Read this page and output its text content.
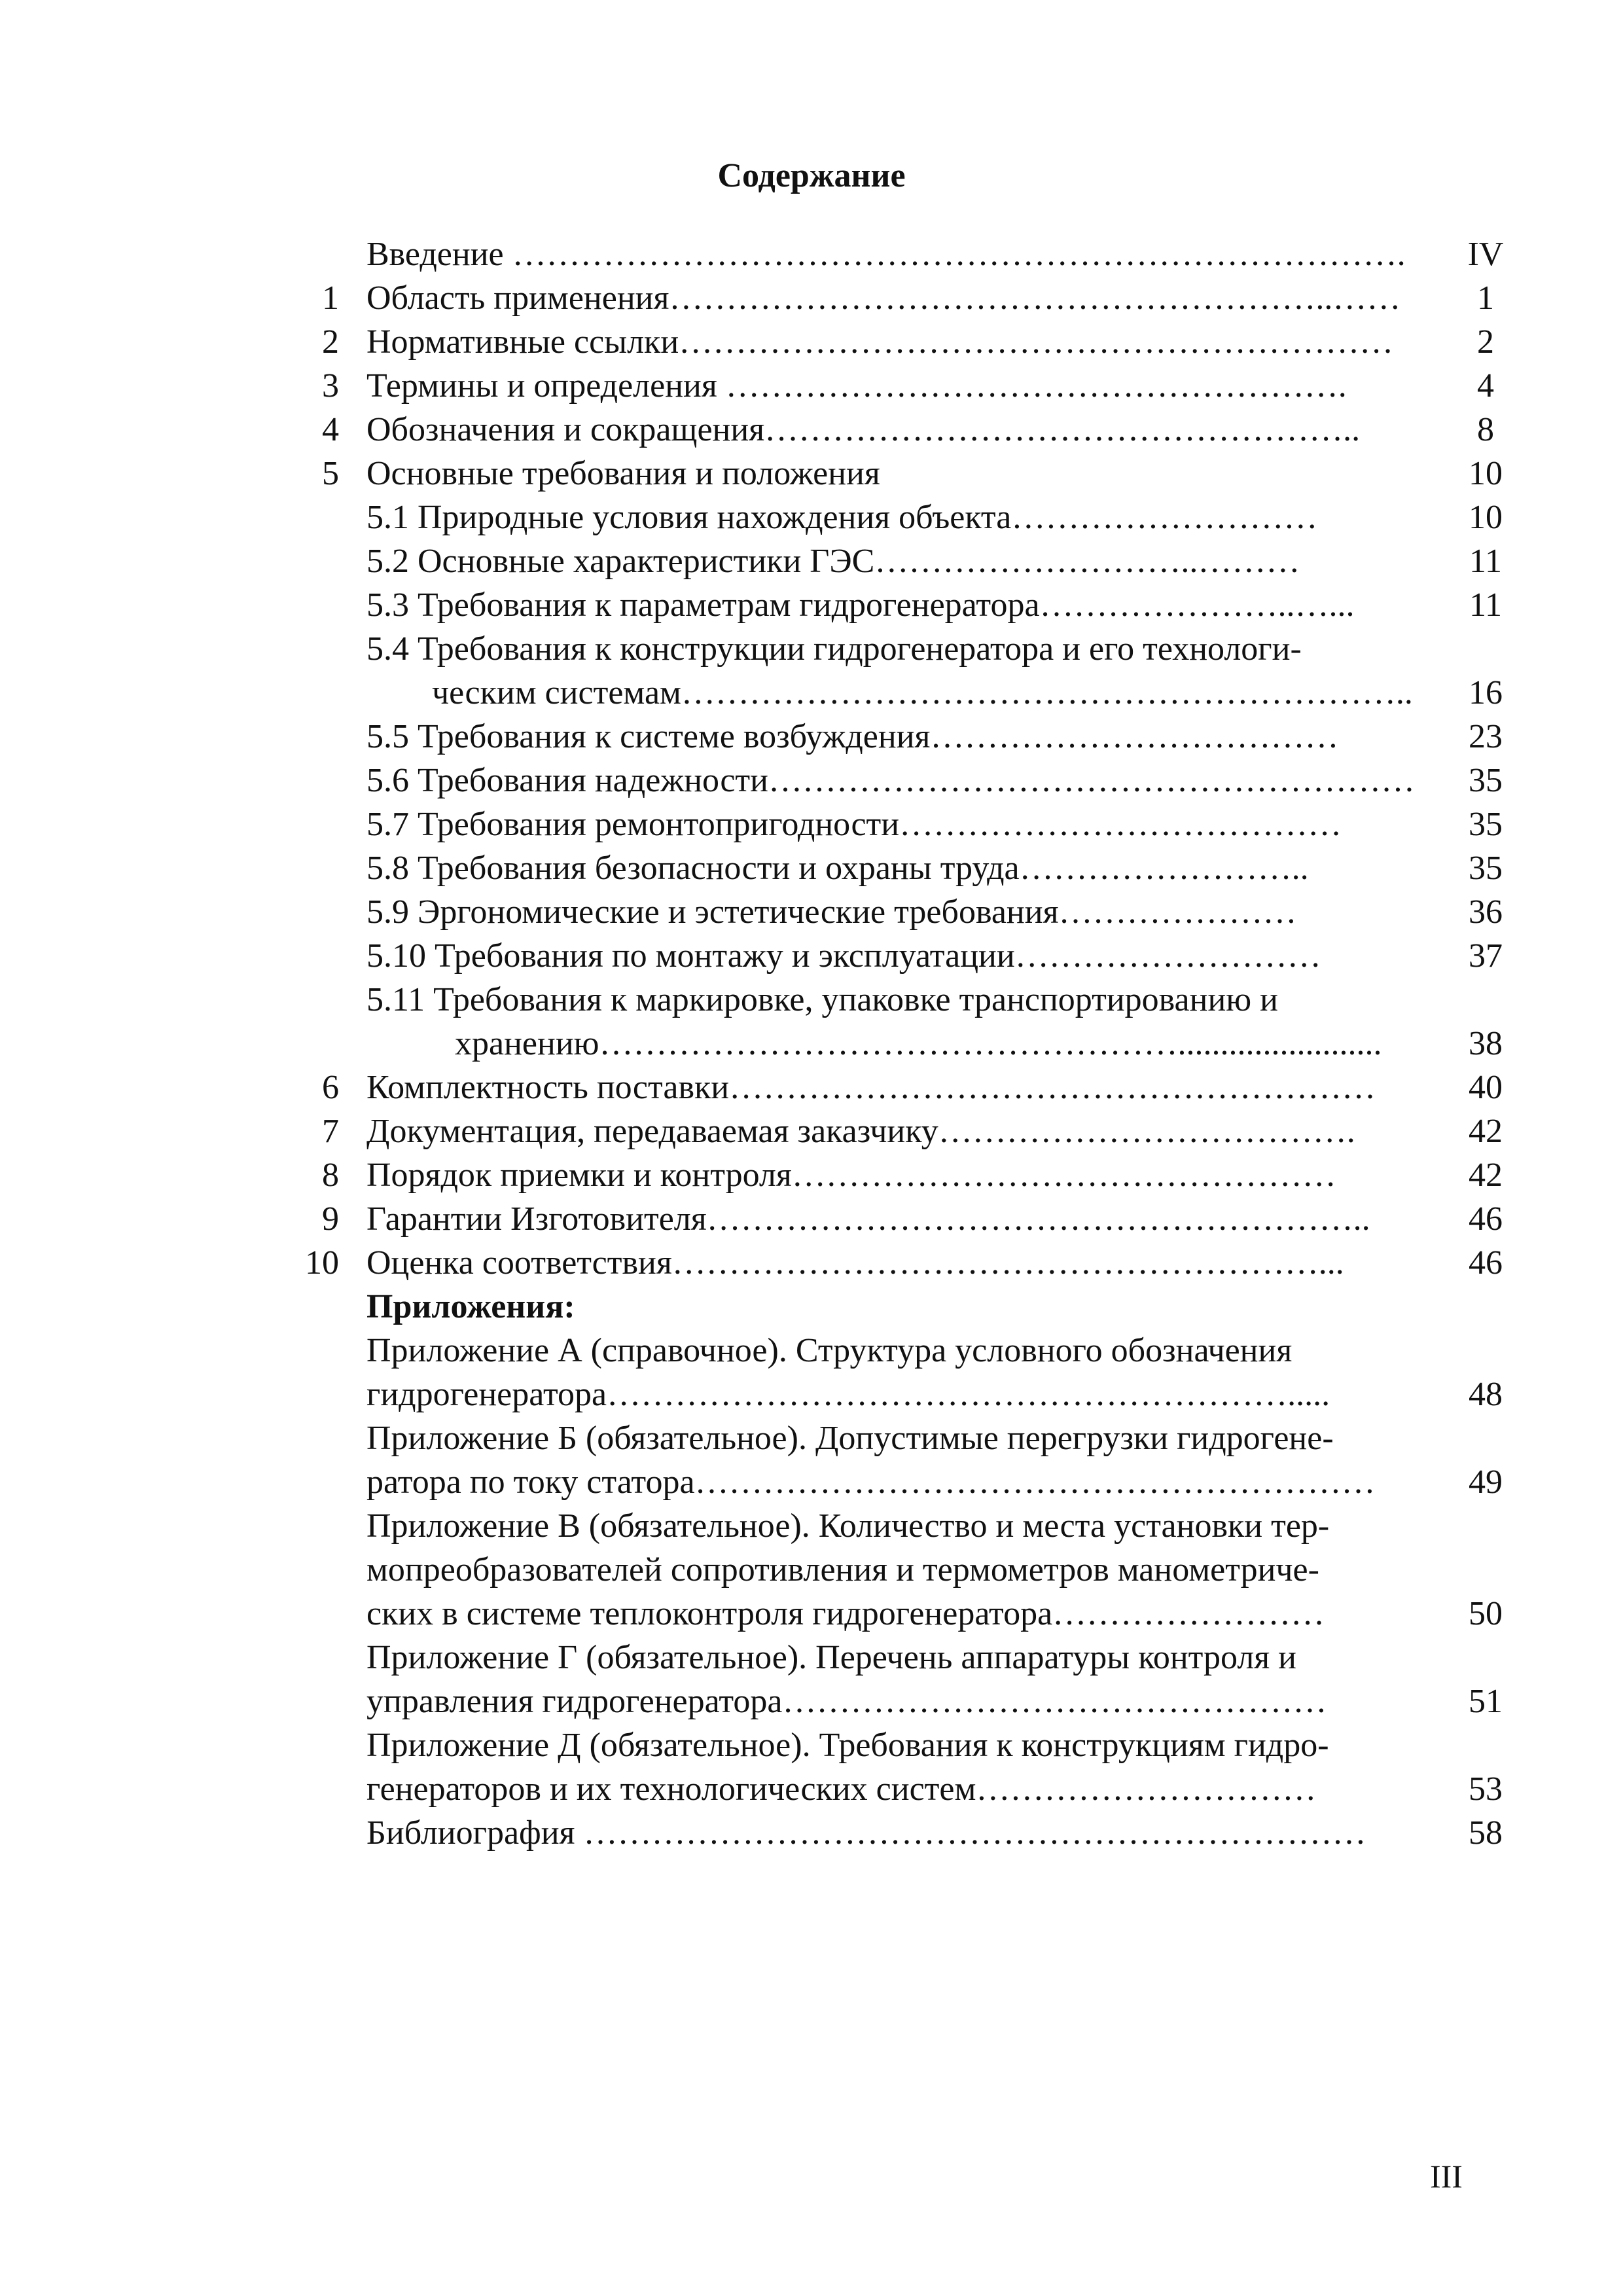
Содержание
Введение …………………………………………………………………….	IV
1 Область применения…………………………………………………..……	1
2 Нормативные ссылки………………………………………………………	2
3 Термины и определения ……………………………………………….	4
4 Обозначения и сокращения……………………………………………..	8
5 Основные требования и положения	10
5.1 Природные условия нахождения объекта………………………	10
5.2 Основные характеристики ГЭС………………………..………	11
5.3 Требования к параметрам гидрогенератора…………………..…...	11
5.4 Требования к конструкции гидрогенератора и его технологи-
ческим системам………………………………………………………..	16
5.5 Требования к системе возбуждения………………………………	23
5.6 Требования надежности…………………………………………………	35
5.7 Требования ремонтопригодности…………………………………	35
5.8 Требования безопасности и охраны труда……………………..	35
5.9 Эргономические и эстетические требования…………………	36
5.10 Требования по монтажу и эксплуатации………………………	37
5.11 Требования к маркировке, упаковке транспортированию и
хранению……………………………………………........................	38
6 Комплектность поставки…………………………………………………	40
7 Документация, передаваемая заказчику……………………………….	42
8 Порядок приемки и контроля…………………………………………	42
9 Гарантии Изготовителя…………………………………………………..	46
10 Оценка соответствия…………………………………………………...	46
Приложения:
Приложение А (справочное). Структура условного обозначения
гидрогенератора…………………………………………………….....	48
Приложение Б (обязательное). Допустимые перегрузки гидрогене-
ратора по току статора……………………………………………………	49
Приложение В (обязательное). Количество и места установки тер-
мопреобразователей сопротивления и термометров манометриче-
ских в системе теплоконтроля гидрогенератора……………………	50
Приложение Г (обязательное). Перечень аппаратуры контроля и
управления гидрогенератора…………………………………………	51
Приложение Д (обязательное). Требования к конструкциям гидро-
генераторов и их технологических систем…………………………	53
Библиография ……………………………………………………………	58
III
